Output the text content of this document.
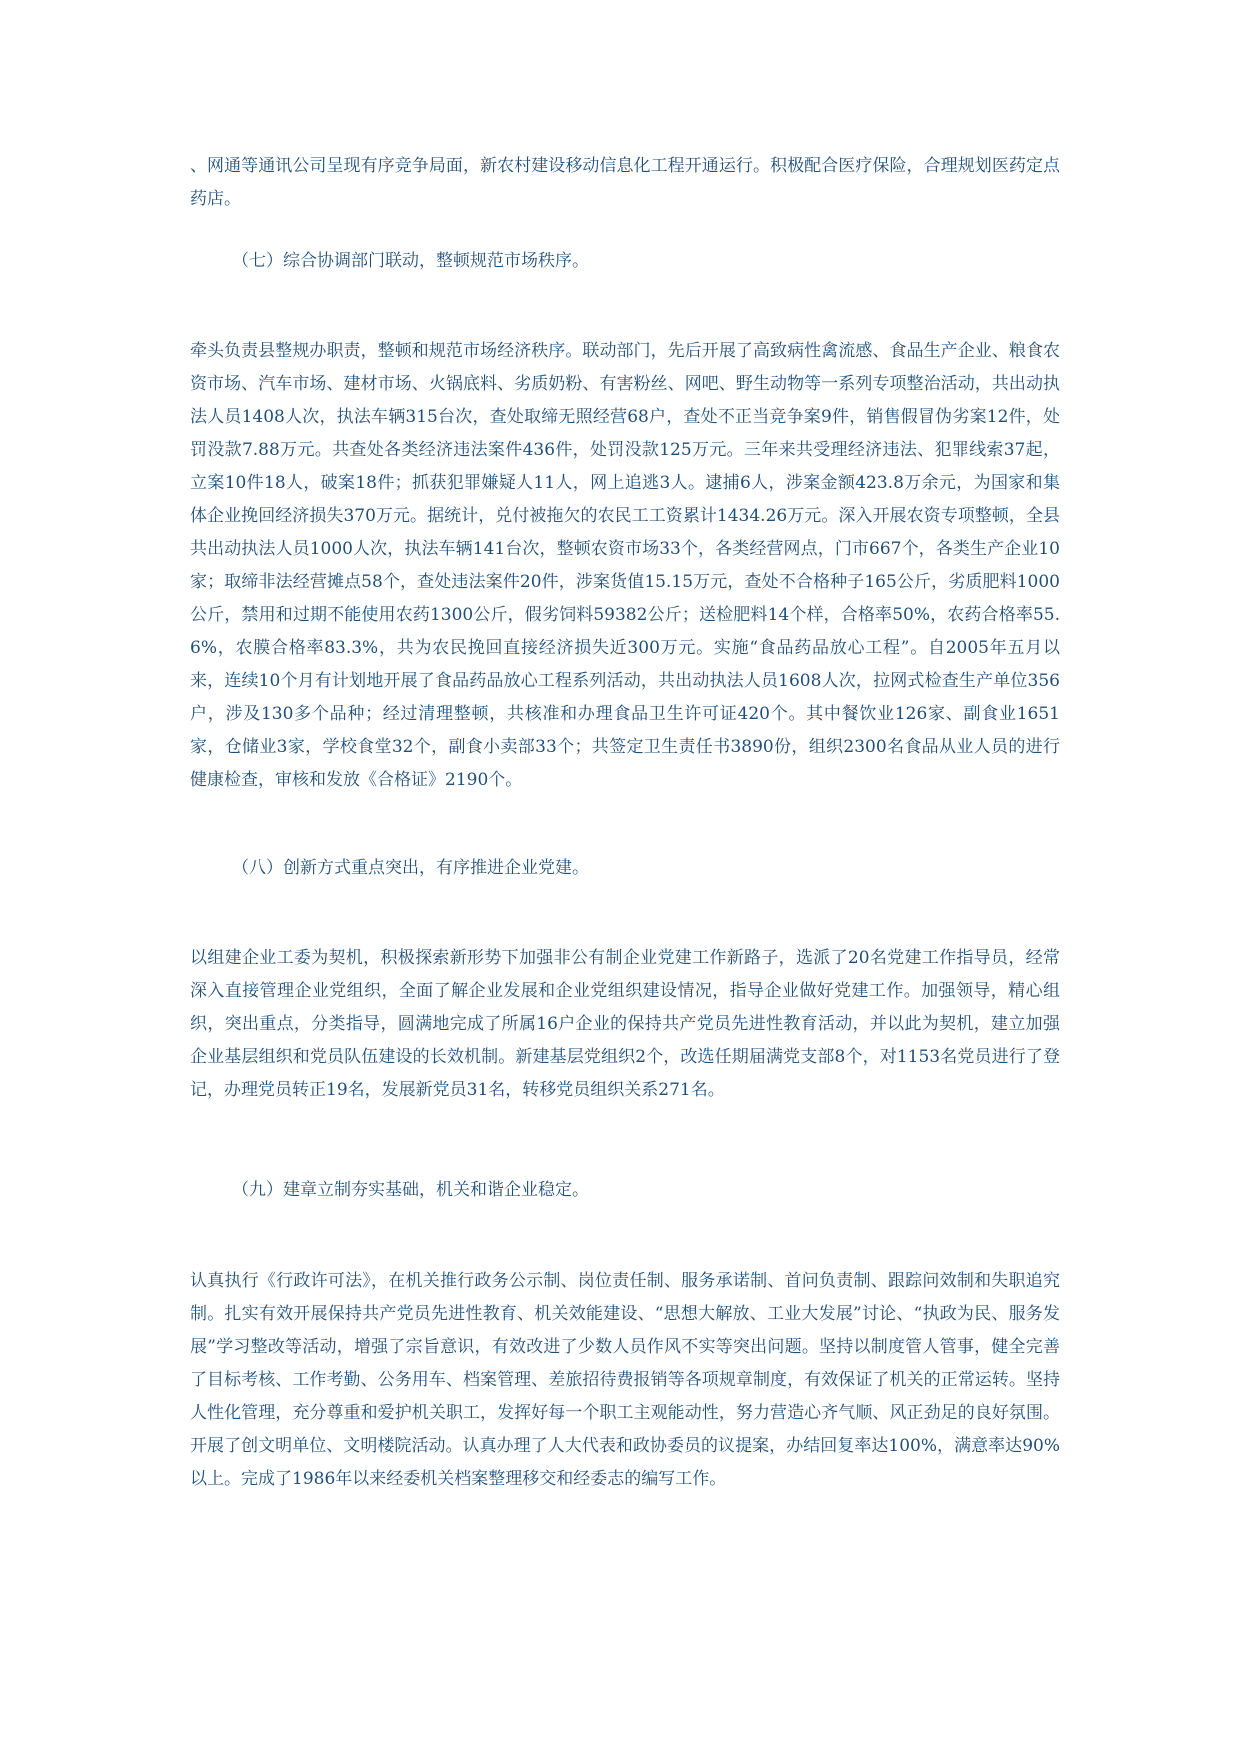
、网通等通讯公司呈现有序竞争局面，新农村建设移动信息化工程开通运行。积极配合医疗保险，合理规划医药定点药店。

（七）综合协调部门联动，整顿规范市场秩序。

牵头负责县整规办职责，整顿和规范市场经济秩序。联动部门，先后开展了高致病性禽流感、食品生产企业、粮食农资市场、汽车市场、建材市场、火锅底料、劣质奶粉、有害粉丝、网吧、野生动物等一系列专项整治活动，共出动执法人员1408人次，执法车辆315台次，查处取缔无照经营68户，查处不正当竞争案9件，销售假冒伪劣案12件，处罚没款7.88万元。共查处各类经济违法案件436件，处罚没款125万元。三年来共受理经济违法、犯罪线索37起，立案10件18人，破案18件；抓获犯罪嫌疑人11人，网上追逃3人。逮捕6人，涉案金额423.8万余元，为国家和集体企业挽回经济损失370万元。据统计，兑付被拖欠的农民工工资累计1434.26万元。深入开展农资专项整顿，全县共出动执法人员1000人次，执法车辆141台次，整顿农资市场33个，各类经营网点，门市667个，各类生产企业10家；取缔非法经营摊点58个，查处违法案件20件，涉案货值15.15万元，查处不合格种子165公斤，劣质肥料1000公斤，禁用和过期不能使用农药1300公斤，假劣饲料59382公斤；送检肥料14个样，合格率50%，农药合格率55.6%，农膜合格率83.3%，共为农民挽回直接经济损失近300万元。实施“食品药品放心工程”。自2005年五月以来，连续10个月有计划地开展了食品药品放心工程系列活动，共出动执法人员1608人次，拉网式检查生产单位356户，涉及130多个品种；经过清理整顿，共核准和办理食品卫生许可证420个。其中餐饮业126家、副食业1651家，仓储业3家，学校食堂32个，副食小卖部33个；共签定卫生责任书3890份，组织2300名食品从业人员的进行健康检查，审核和发放《合格证》2190个。

（八）创新方式重点突出，有序推进企业党建。

以组建企业工委为契机，积极探索新形势下加强非公有制企业党建工作新路子，选派了20名党建工作指导员，经常深入直接管理企业党组织，全面了解企业发展和企业党组织建设情况，指导企业做好党建工作。加强领导，精心组织，突出重点，分类指导，圆满地完成了所属16户企业的保持共产党员先进性教育活动，并以此为契机，建立加强企业基层组织和党员队伍建设的长效机制。新建基层党组织2个，改选任期届满党支部8个，对1153名党员进行了登记，办理党员转正19名，发展新党员31名，转移党员组织关系271名。

（九）建章立制夯实基础，机关和谐企业稳定。

认真执行《行政许可法》，在机关推行政务公示制、岗位责任制、服务承诺制、首问负责制、跟踪问效制和失职追究制。扎实有效开展保持共产党员先进性教育、机关效能建设、“思想大解放、工业大发展”讨论、“执政为民、服务发展”学习整改等活动，增强了宗旨意识，有效改进了少数人员作风不实等突出问题。坚持以制度管人管事，健全完善了目标考核、工作考勤、公务用车、档案管理、差旅招待费报销等各项规章制度，有效保证了机关的正常运转。坚持人性化管理，充分尊重和爱护机关职工，发挥好每一个职工主观能动性，努力营造心齐气顺、风正劲足的良好氛围。开展了创文明单位、文明楼院活动。认真办理了人大代表和政协委员的议提案，办结回复率达100%，满意率达90%以上。完成了1986年以来经委机关档案整理移交和经委志的编写工作。
